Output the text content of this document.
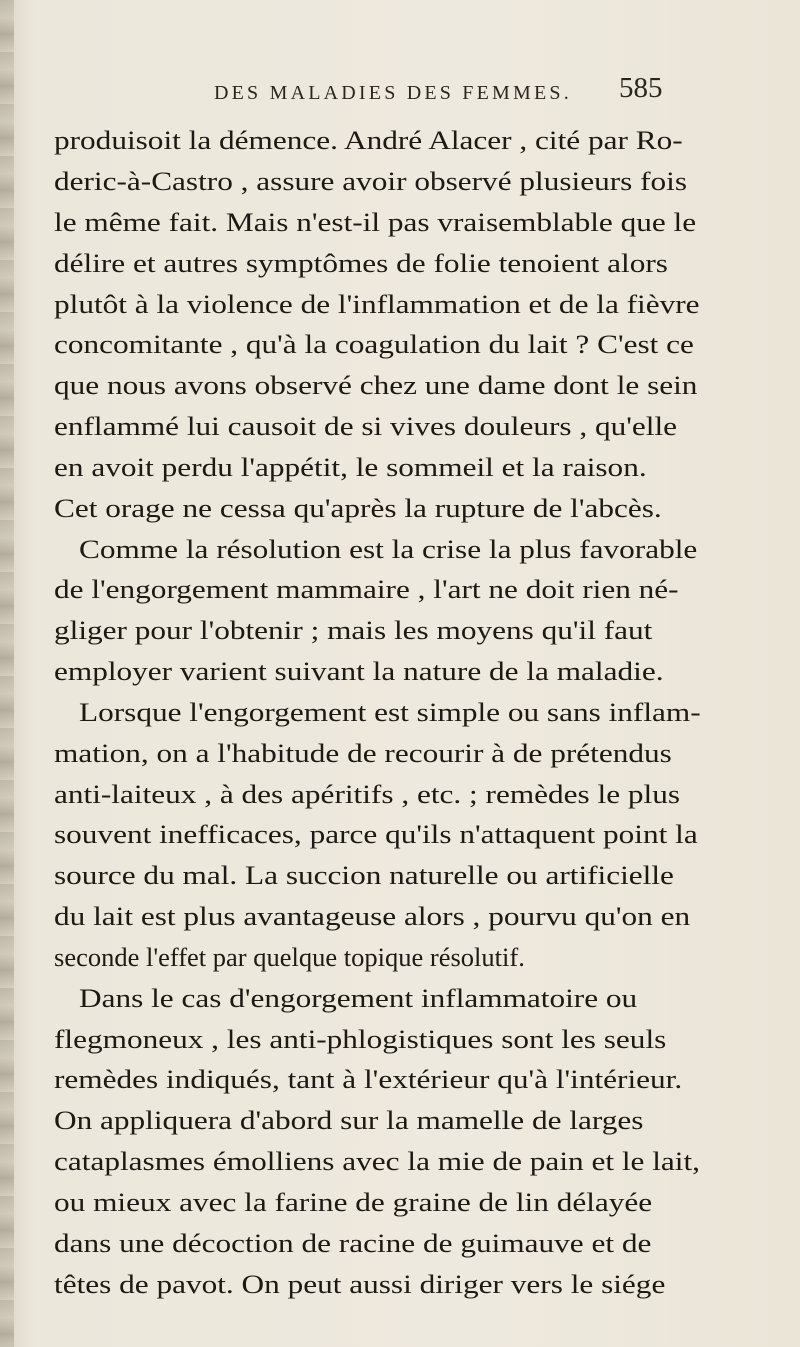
DES MALADIES DES FEMMES. 585
produisoit la démence. André Alacer , cité par Ro-
deric-à-Castro , assure avoir observé plusieurs fois
le même fait. Mais n'est-il pas vraisemblable que le
délire et autres symptômes de folie tenoient alors
plutôt à la violence de l'inflammation et de la fièvre
concomitante , qu'à la coagulation du lait ? C'est ce
que nous avons observé chez une dame dont le sein
enflammé lui causoit de si vives douleurs , qu'elle
en avoit perdu l'appétit, le sommeil et la raison.
Cet orage ne cessa qu'après la rupture de l'abcès.
Comme la résolution est la crise la plus favorable
de l'engorgement mammaire , l'art ne doit rien né-
gliger pour l'obtenir ; mais les moyens qu'il faut
employer varient suivant la nature de la maladie.
Lorsque l'engorgement est simple ou sans inflam-
mation, on a l'habitude de recourir à de prétendus
anti-laiteux , à des apéritifs , etc. ; remèdes le plus
souvent inefficaces, parce qu'ils n'attaquent point la
source du mal. La succion naturelle ou artificielle
du lait est plus avantageuse alors , pourvu qu'on en
seconde l'effet par quelque topique résolutif.
Dans le cas d'engorgement inflammatoire ou
flegmoneux , les anti-phlogistiques sont les seuls
remèdes indiqués, tant à l'extérieur qu'à l'intérieur.
On appliquera d'abord sur la mamelle de larges
cataplasmes émolliens avec la mie de pain et le lait,
ou mieux avec la farine de graine de lin délayée
dans une décoction de racine de guimauve et de
têtes de pavot. On peut aussi diriger vers le siége
